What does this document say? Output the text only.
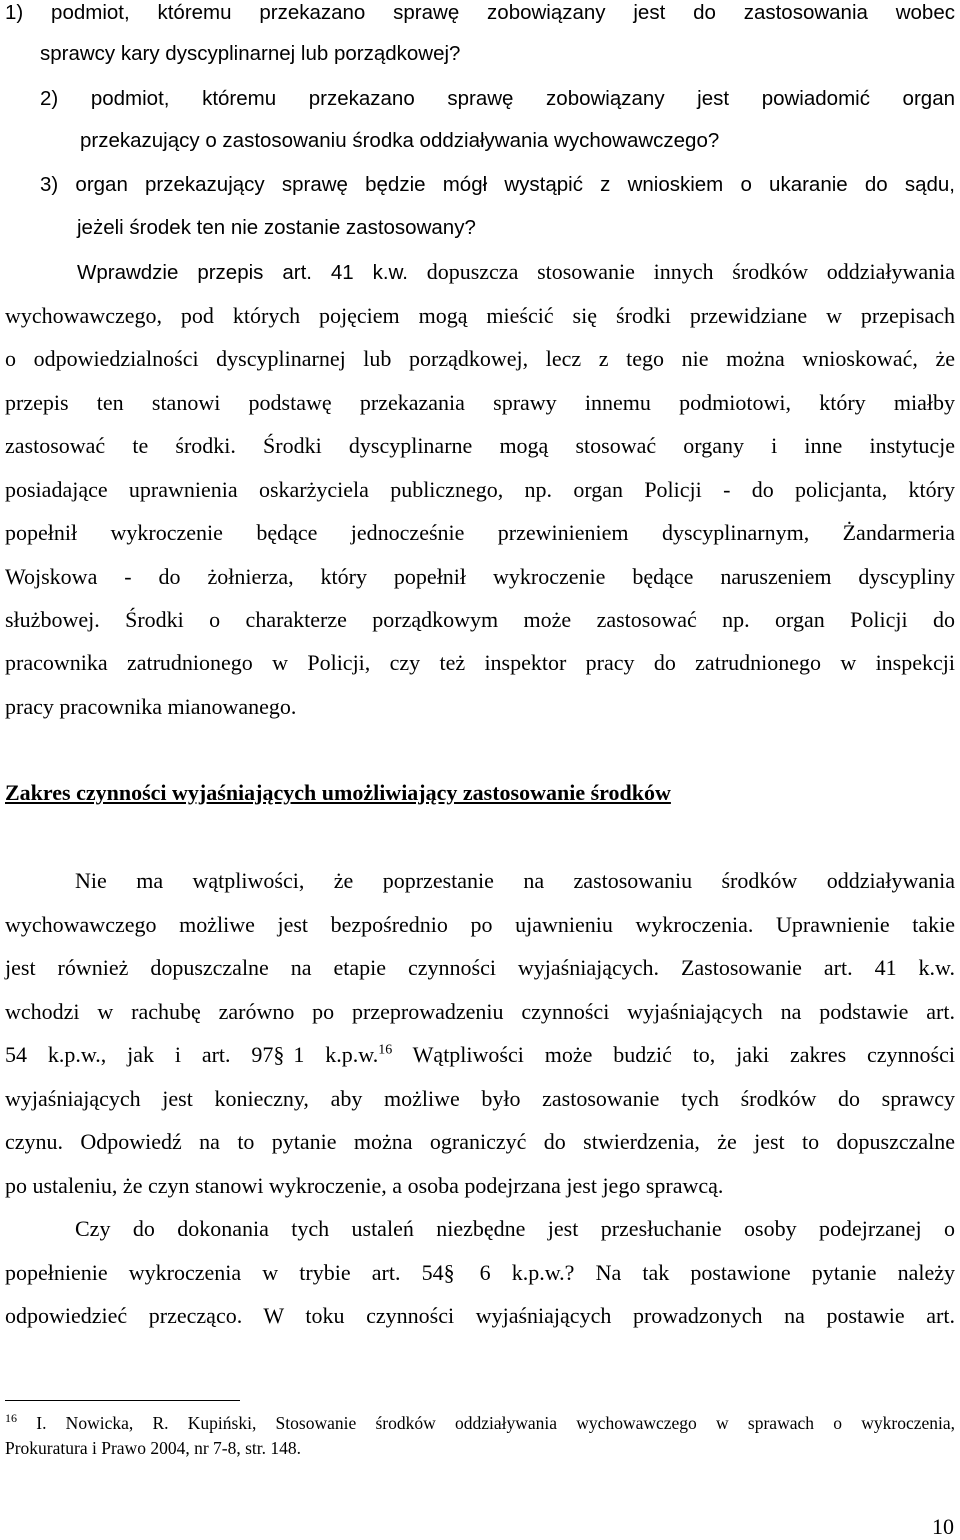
1) podmiot, któremu przekazano sprawę zobowiązany jest do zastosowania wobec
sprawcy kary dyscyplinarnej lub porządkowej?
2) podmiot, któremu przekazano sprawę zobowiązany jest powiadomić organ
przekazujący o zastosowaniu środka oddziaływania wychowawczego?
3) organ przekazujący sprawę będzie mógł wystąpić z wnioskiem o ukaranie do sądu,
jeżeli środek ten nie zostanie zastosowany?
Wprawdzie przepis art. 41 k.w. dopuszcza stosowanie innych środków oddziaływania
wychowawczego, pod których pojęciem mogą mieścić się środki przewidziane w przepisach
o odpowiedzialności dyscyplinarnej lub porządkowej, lecz z tego nie można wnioskować, że
przepis ten stanowi podstawę przekazania sprawy innemu podmiotowi, który miałby
zastosować te środki. Środki dyscyplinarne mogą stosować organy i inne instytucje
posiadające uprawnienia oskarżyciela publicznego, np. organ Policji - do policjanta, który
popełnił wykroczenie będące jednocześnie przewinieniem dyscyplinarnym, Żandarmeria
Wojskowa - do żołnierza, który popełnił wykroczenie będące naruszeniem dyscypliny
służbowej. Środki o charakterze porządkowym może zastosować np. organ Policji do
pracownika zatrudnionego w Policji, czy też inspektor pracy do zatrudnionego w inspekcji
pracy pracownika mianowanego.
Zakres czynności wyjaśniających umożliwiający zastosowanie środków
Nie ma wątpliwości, że poprzestanie na zastosowaniu środków oddziaływania
wychowawczego możliwe jest bezpośrednio po ujawnieniu wykroczenia. Uprawnienie takie
jest również dopuszczalne na etapie czynności wyjaśniających. Zastosowanie art. 41 k.w.
wchodzi w rachubę zarówno po przeprowadzeniu czynności wyjaśniających na podstawie art.
54 k.p.w., jak i art. 97§ 1 k.p.w.$^{16}$ Wątpliwości może budzić to, jaki zakres czynności
wyjaśniających jest konieczny, aby możliwe było zastosowanie tych środków do sprawcy
czynu. Odpowiedź na to pytanie można ograniczyć do stwierdzenia, że jest to dopuszczalne
po ustaleniu, że czyn stanowi wykroczenie, a osoba podejrzana jest jego sprawcą.
Czy do dokonania tych ustaleń niezbędne jest przesłuchanie osoby podejrzanej o
popełnienie wykroczenia w trybie art. 54§ 6 k.p.w.? Na tak postawione pytanie należy
odpowiedzieć przecząco. W toku czynności wyjaśniających prowadzonych na postawie art.
$^{16}$ I. Nowicka, R. Kupiński, Stosowanie środków oddziaływania wychowawczego w sprawach o wykroczenia,
Prokuratura i Prawo 2004, nr 7-8, str. 148.
10
